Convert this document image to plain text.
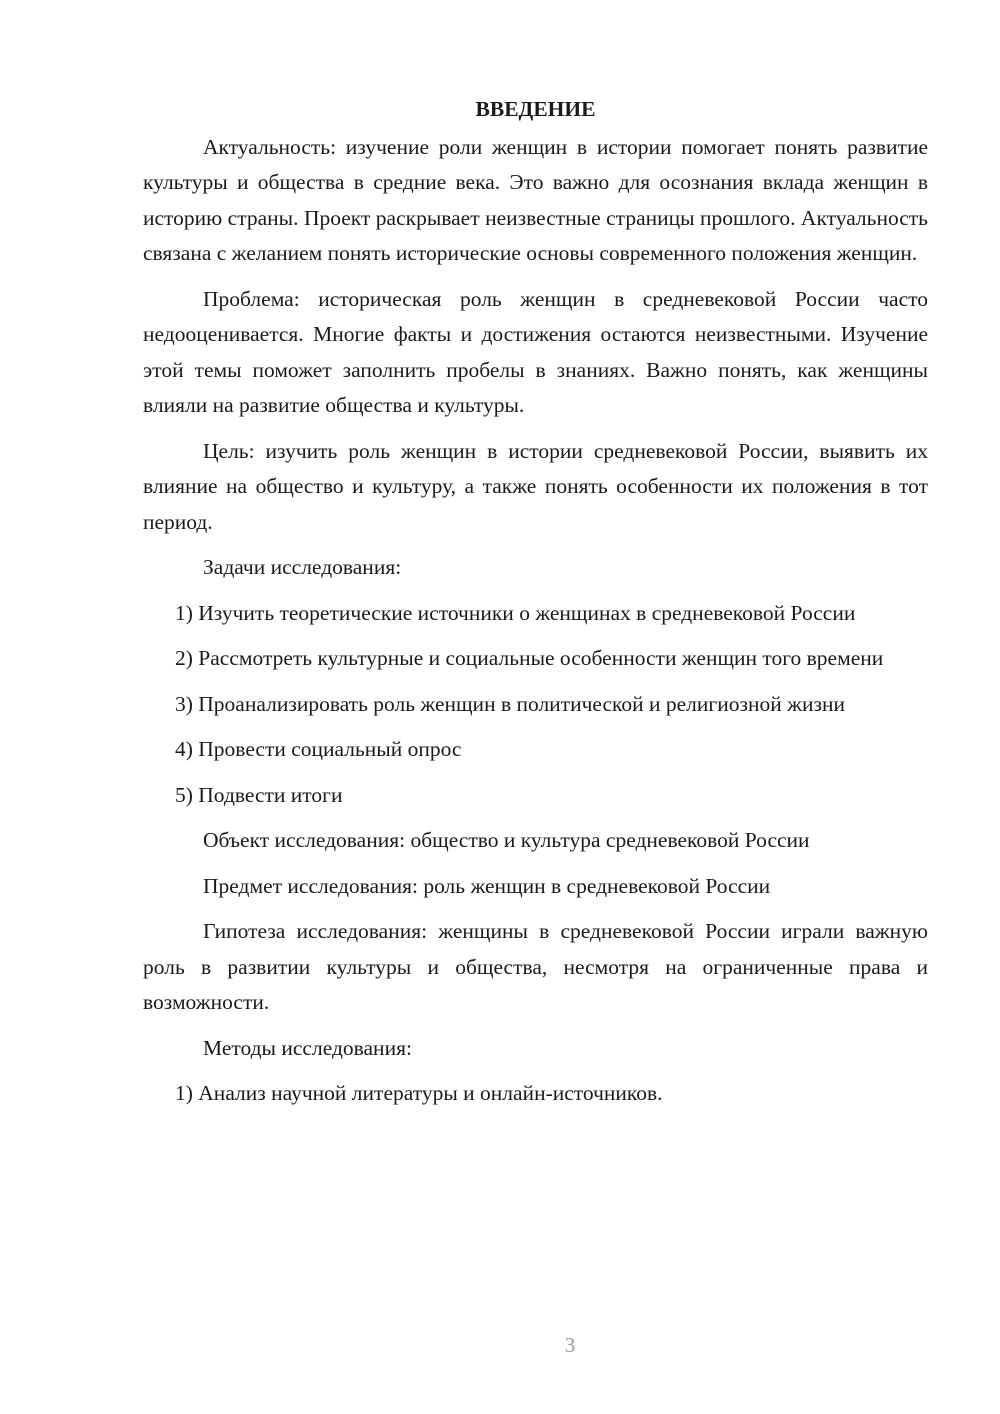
ВВЕДЕНИЕ

Актуальность: изучение роли женщин в истории помогает понять развитие культуры и общества в средние века. Это важно для осознания вклада женщин в историю страны. Проект раскрывает неизвестные страницы прошлого. Актуальность связана с желанием понять исторические основы современного положения женщин.

Проблема: историческая роль женщин в средневековой России часто недооценивается. Многие факты и достижения остаются неизвестными. Изучение этой темы поможет заполнить пробелы в знаниях. Важно понять, как женщины влияли на развитие общества и культуры.

Цель: изучить роль женщин в истории средневековой России, выявить их влияние на общество и культуру, а также понять особенности их положения в тот период.

Задачи исследования:

1) Изучить теоретические источники о женщинах в средневековой России

2) Рассмотреть культурные и социальные особенности женщин того времени

3) Проанализировать роль женщин в политической и религиозной жизни

4) Провести социальный опрос

5) Подвести итоги

Объект исследования: общество и культура средневековой России

Предмет исследования: роль женщин в средневековой России

Гипотеза исследования: женщины в средневековой России играли важную роль в развитии культуры и общества, несмотря на ограниченные права и возможности.

Методы исследования:

1) Анализ научной литературы и онлайн-источников.

3
